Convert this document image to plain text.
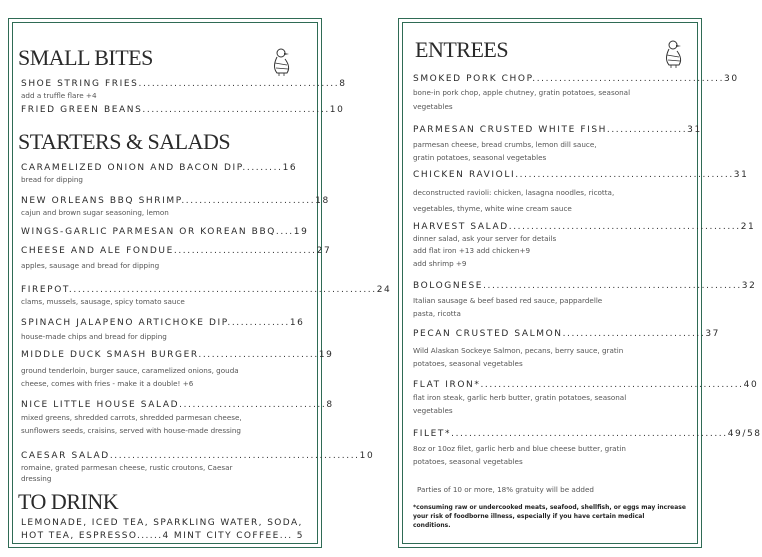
SMALL BITES
SHOE STRING FRIES.............................................8
add a truffle flare +4
FRIED GREEN BEANS..........................................10
STARTERS & SALADS
CARAMELIZED ONION AND BACON DIP.........16
bread for dipping
NEW ORLEANS BBQ SHRIMP..............................18
cajun and brown sugar seasoning, lemon
WINGS-GARLIC PARMESAN OR KOREAN BBQ....19
CHEESE AND ALE FONDUE................................27
apples, sausage and bread for dipping
FIREPOT.....................................................................24
clams, mussels, sausage, spicy tomato sauce
SPINACH JALAPENO ARTICHOKE DIP..............16
house-made chips and bread for dipping
MIDDLE DUCK SMASH BURGER...........................19
ground tenderloin, burger sauce, caramelized onions, gouda
cheese, comes with fries - make it a double! +6
NICE LITTLE HOUSE SALAD.................................8
mixed greens, shredded carrots, shredded parmesan cheese,
sunflowers seeds, craisins, served with house-made dressing
CAESAR SALAD........................................................10
romaine, grated parmesan cheese, rustic croutons, Caesar
dressing
TO DRINK
LEMONADE, ICED TEA, SPARKLING WATER, SODA,
HOT TEA, ESPRESSO......4 MINT CITY COFFEE... 5
ENTREES
SMOKED PORK CHOP...........................................30
bone-in pork chop, apple chutney, gratin potatoes, seasonal
vegetables
PARMESAN CRUSTED WHITE FISH..................31
parmesan cheese, bread crumbs, lemon dill sauce,
gratin potatoes, seasonal vegetables
CHICKEN RAVIOLI.................................................31
deconstructed ravioli: chicken, lasagna noodles, ricotta,
vegetables, thyme, white wine cream sauce
HARVEST SALAD....................................................21
dinner salad, ask your server for details
add flat iron +13 add chicken+9
add shrimp +9
BOLOGNESE..........................................................32
Italian sausage & beef based red sauce, pappardelle
pasta, ricotta
PECAN CRUSTED SALMON................................37
Wild Alaskan Sockeye Salmon, pecans, berry sauce, gratin
potatoes, seasonal vegetables
FLAT IRON*...........................................................40
flat iron steak, garlic herb butter, gratin potatoes, seasonal
vegetables
FILET*..............................................................49/58
8oz or 10oz filet, garlic herb and blue cheese butter, gratin
potatoes, seasonal vegetables
Parties of 10 or more, 18% gratuity will be added
*consuming raw or undercooked meats, seafood, shellfish, or eggs may increase
your risk of foodborne illness, especially if you have certain medical
conditions.
